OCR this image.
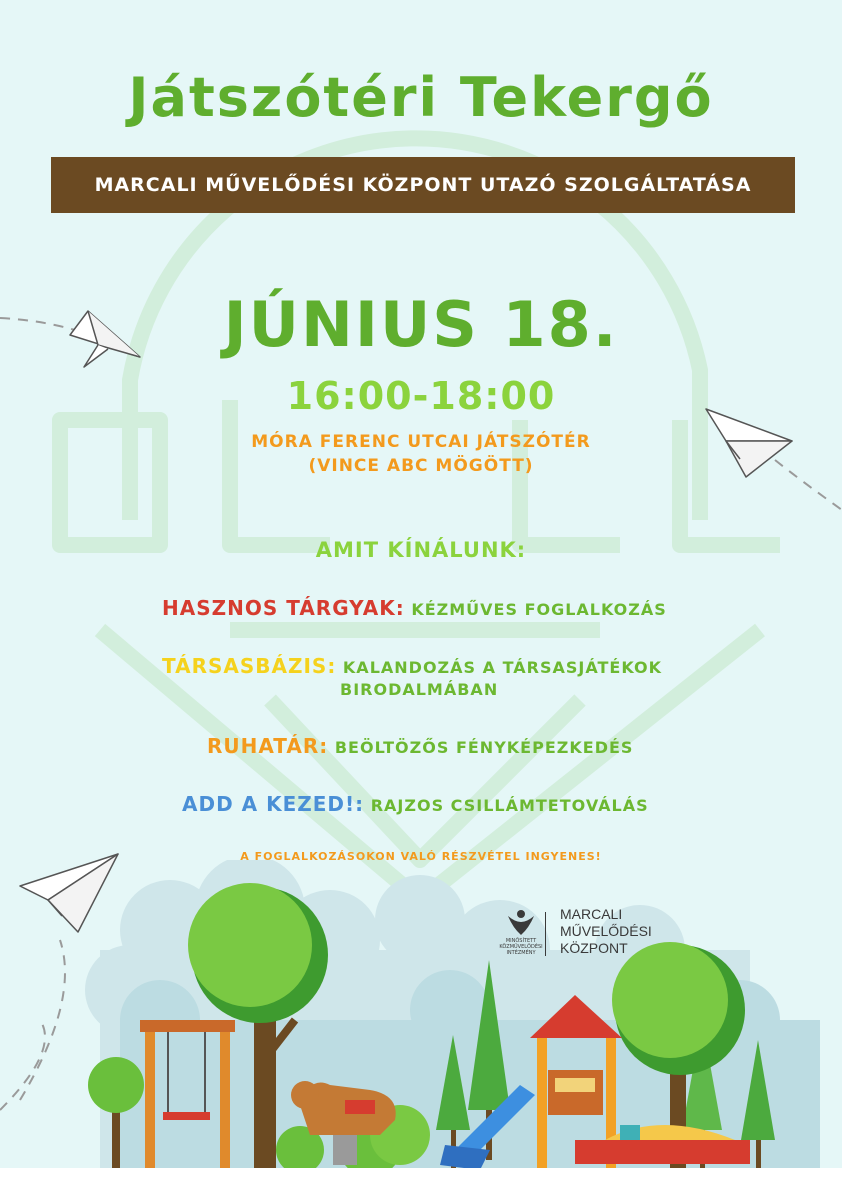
Játszótéri Tekergő
MARCALI MŰVELŐDÉSI KÖZPONT UTAZÓ SZOLGÁLTATÁSA
JÚNIUS 18.
16:00-18:00
MÓRA FERENC UTCAI JÁTSZÓTÉR
(VINCE ABC MÖGÖTT)
AMIT KÍNÁLUNK:
HASZNOS TÁRGYAK: KÉZMŰVES FOGLALKOZÁS
TÁRSASBÁZIS: KALANDOZÁS A TÁRSASJÁTÉKOK
BIRODALMÁBAN
RUHATÁR: BEÖLTÖZŐS FÉNYKÉPEZKEDÉS
ADD A KEZED!: RAJZOS CSILLÁMTETOVÁLÁS
A FOGLALKOZÁSOKON VALÓ RÉSZVÉTEL INGYENES!
MINŐSÍTETT
KÖZMŰVELŐDÉSI
INTÉZMÉNY
MARCALI
MŰVELŐDÉSI
KÖZPONT
